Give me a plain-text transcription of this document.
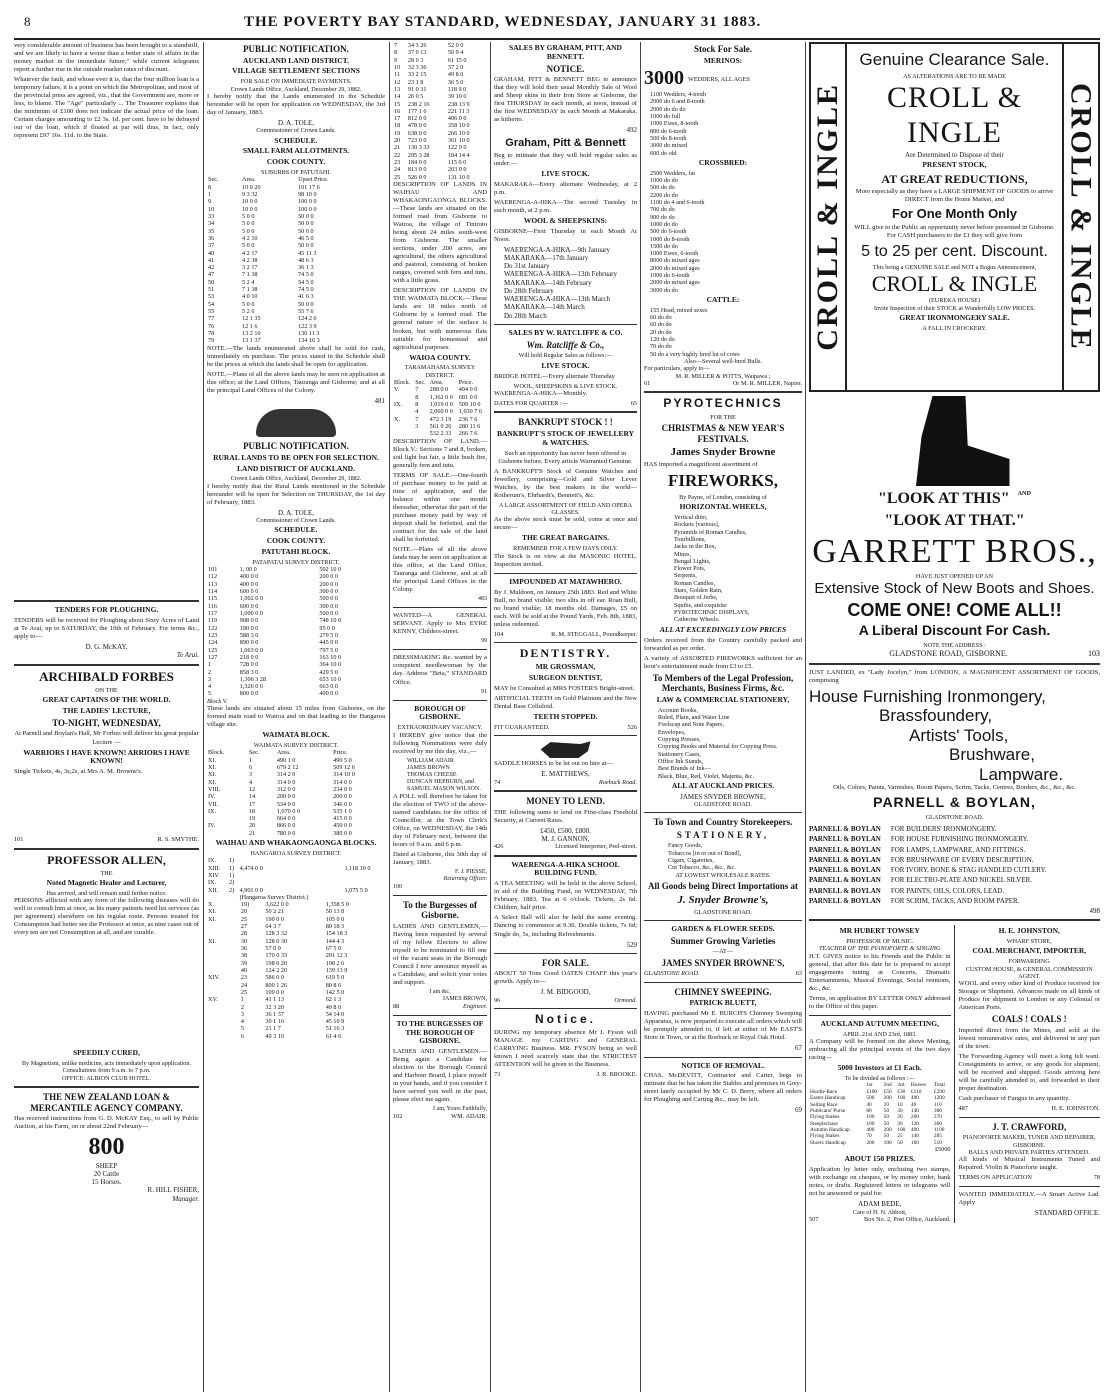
8	THE POVERTY BAY STANDARD, WEDNESDAY, JANUARY 31 1883.
very considerable amount of business has been brought to a standstill, and we are likely to have a worse than a better state of affairs in the money market in the immediate future;" while current telegrams report a further rise in the outside market rates of discount.
Whatever the fault, and whose ever it is, that the four million loan is a temporary failure, it is a point on which the Metropolitan, and most of the provincial press are agreed, viz., that the Government are, more or less, to blame. The "Age" particularly ... The Treasurer explains that the minimum of £100 does not indicate the actual price of the loan. Certain charges amounting to £2 3s. 1d. per cent. have to be defrayed out of the loan, which if floated at par will thus, in fact, only represent £97 16s. 11d. to the State.
TENDERS FOR PLOUGHING.
TENDERS will be received for Ploughing about Sixty Acres of Land at Te Arai, up to SATURDAY, the 10th of February. For terms &c., apply to—
D. G. McKAY,
Te Arai.
ARCHIBALD FORBES
ON THE
GREAT CAPTAINS OF THE WORLD.
THE LADIES' LECTURE,
TO-NIGHT, WEDNESDAY,
At Parnell and Boylan's Hall, Mr Forbes will deliver his great popular Lecture —
WARRIORS I HAVE KNOWN! ARRIORS I HAVE KNOWN!
Single Tickets, 4s, 3s,2s, at Mrs A. M. Browne's.
101	R. S. SMYTHE.
PROFESSOR ALLEN,
THE
Noted Magnetic Healer and Lecturer,
Has arrived, and will remain until further notice.
PERSONS afflicted with any form of the following diseases will do well to consult him at once, as his many patients need his services (as per agreement) elsewhere on his regular route. Persons treated for Consumption had better see the Professor at once, as nine cases out of every ten are not Consumption at all, and are curable.
SPEEDILY CURED,
By Magnetism, unlike medicine, acts immediately upon application.
Consultations from 9 a.m. to 7 p.m.
OFFICE: ALBION CLUB HOTEL.
THE NEW ZEALAND LOAN & MERCANTILE AGENCY COMPANY.
Has received instructions from G. D. McKAY Esq., to sell by Public Auction, at his Farm, on or about 22nd February—
800
SHEEP
20 Cattle
15 Horses.
R. HILL FISHER,
Manager.
PUBLIC NOTIFICATION.
AUCKLAND LAND DISTRICT.
VILLAGE SETTLEMENT SECTIONS
FOR SALE ON IMMEDIATE PAYMENTS.
Crown Lands Office, Auckland, December 29, 1882.
I hereby notify that the Lands enumerated in the Schedule hereunder will be open for application on WEDNESDAY, the 3rd day of January, 1883.
D. A. TOLE,
Commissioner of Crown Lands.
SCHEDULE.
SMALL FARM ALLOTMENTS.
COOK COUNTY.
SUBURBS OF PATUTAHI.
Sec.	Area.	Upset Price.
8	10 0 20	101 17 6
1	9 3 32	98 10 0
9	10 0 0	100 0 0
10	10 0 0	100 0 0
33	5 0 0	50 0 0
34	5 0 0	50 0 0
35	5 0 0	50 0 0
36	4 2 10	46 5 0
37	5 0 0	50 0 0
40	4 2 17	45 11 3
41	4 2 38	48 6 3
42	3 2 17	36 1 3
47	7 1 38	74 5 0
50	5 2 4	54 5 0
51	7 1 38	74 5 0
53	4 0 10	41 6 3
54	5 0 0	50 0 0
55	5 2 6	55 7 6
77	12 1 35	124 2 6
76	12 1 6	122 3 9
78	13 2 10	136 11 3
79	13 1 37	134 16 3
NOTE.—The lands enumerated above shall be sold for cash, immediately on purchase. The prices stated in the Schedule shall be the prices at which the lands shall be open for application.
NOTE.—Plans of all the above lands may be seen on application at this office; at the Land Offices, Tauranga and Gisborne; and at all the principal Land Offices of the Colony.
481
PUBLIC NOTIFICATION.
RURAL LANDS TO BE OPEN FOR SELECTION.
LAND DISTRICT OF AUCKLAND.
Crown Lands Office, Auckland, December 29, 1882.
I hereby notify that the Rural Lands mentioned in the Schedule hereunder will be open for Selection on THURSDAY, the 1st day of February, 1883.
D. A. TOLE,
Commissioner of Crown Lands.
SCHEDULE.
COOK COUNTY.
PATUTAHI BLOCK.
PATAPATAI SURVEY DISTRICT.
101	1, 00 0	502 10 0
112	400 0 0	200 0 0
113	400 0 0	200 0 0
114	600 0 0	300 0 0
115	1,002 0 0	500 0 0
116	600 0 0	300 0 0
117	1,000 0 0	500 0 0
119	908 0 0	748 10 0
122	190 0 0	95 0 0
123	588 3 0	279 5 0
124	890 0 0	445 0 0
125	1,063 0 0	797 5 0
127	218 0 0	163 10 0
1	728 0 0	364 10 0
2	858 3 0	429 5 0
3	1,306 3 28	653 10 0
4	1,326 0 0	663 0 0
5	800 0 0	400 0 0
Block V.
These lands are situated about 15 miles from Gisborne, on the formed main road to Wairoa and on that leading to the Hangaroa village site.
WAIMATA BLOCK.
WAIMATA SURVEY DISTRICT.
Block.	Sec.	Area.	Price.
XI.	1	490 1 0	490 5 0
XI.	6	679 2 12	509 12 6
XI.	3	314 2 0	314 10 0
XI.	4	314 0 0	314 0 0
VIII.	12	312 0 0	234 0 0
IV.	14	200 0 0	200 0 0
VII.	17	534 0 0	346 0 0
IX.	18	1,070 0 0	535 1 0
	19	664 0 0	415 0 0
IV.	20	866 0 0	450 0 0
	21	780 0 0	380 0 0
WAIHAU AND WHAKAONGAONGA BLOCKS.
HANGAROA SURVEY DISTRICT.
IX.	1)		
XIII.	1)	4,474 0 0	1,118 10 0
XIV.	1)		
IX.	2)		
XII.	2)	4,901 0 0	1,075 5 0
		(Hangaroa Survey District.)	
X.	19)	3,622 0 0	1,358 5 0
XI.	20	50 2 21	50 13 8
XI.	25	190 0 0	105 0 0
	27	64 3 7	80 18 3
	28	128 3 32	154 18 3
XI.	30	128 0 30	144 4 3
	36	57 0 9	67 5 0
	38	170 0 33	201 12 3
	39	198 0 20	198 2 6
	40	124 2 20	139 13 9
XIV.	23	586 0 0	619 5 0
	24	800 1 26	80 8 6
	25	109 0 0	142 5 0
XV.	1	41 1 13	62 1 3
	2	32 3 20	49 8 0
	3	36 1 37	54 14 0
	4	30 1 16	45 10 9
	5	21 1 7	51 16 3
	6	40 3 10	61 4 6
7	34 3 26	52 0 0
8	37 0 13	50 9 4
9	28 0 3	61 15 0
10	32 3 36	37 2 0
11	33 2 15	49 8 0
12	23 1 8	36 5 0
13	91 0 31	118 9 0
14	26 0 5	39 10 0
15	238 2 16	238 13 9
16	177 1 6	221 11 3
17	812 0 0	406 0 0
18	478 0 0	358 10 0
19	638 0 0	266 10 0
20	723 0 0	361 10 0
21	130 3 33	122 9 0
22	295 3 28	184 14 4
23	184 0 0	115 0 0
24	813 0 0	203 0 0
25	526 0 0	131 10 0
DESCRIPTION OF LANDS IN WAIHAU AND WHAKAONGAONGA BLOCKS.—These lands are situated on the formed road from Gisborne to Wairoa, the village of Tiniroto being about 24 miles south-west from Gisborne. The smaller sections, under 200 acres, are agricultural, the others agricultural and pastoral, consisting of broken ranges, covered with fern and tutu, with a little grass.
DESCRIPTION OF LANDS IN THE WAIMATA BLOCK.—These lands are 18 miles north of Gisborne by a formed road. The general nature of the surface is broken, but with numerous flats suitable for homestead and agricultural purposes.
WAIOA COUNTY.
TARAMAHAMA SURVEY DISTRICT.
Block.	Sec.	Area.	Price.
V.	7	288 0 0	494 0 0
	8	1,362 0 0	681 0 0
IX.	8	1,019 0 0	509 10 0
	4	2,060 0 0	1,030 7 6
X.	7	472 3 19	236 7 6
	3	561 0 26	280 11 6
		532 2 33	266 7 6
DESCRIPTION OF LAND.—Block V.: Sections 7 and 8, broken, soil light but fair, a little bush fire, generally fern and tutu.
TERMS OF SALE.—One-fourth of purchase money to be paid at time of application, and the balance within one month thereafter, otherwise the part of the purchase money paid by way of deposit shall be forfeited, and the contract for the sale of the land shall be forfeited.
NOTE.—Plans of all the above lands may be seen on application at this office, at the Land Office, Tauranga and Gisborne, and at all the principal Land Offices in the Colony.
483
WANTED—A GENERAL SERVANT. Apply to Mrs EYRE KENNY, Childers-street.
99
DRESSMAKING &c. wanted by a competent needlewoman by the day. Address "Beta," STANDARD Office.
91
BOROUGH OF GISBORNE.
EXTRAORDINARY VACANCY.
I HEREBY give notice that the following Nominations were duly received by me this day, viz.,—
WILLIAM ADAIR
JAMES BROWN
THOMAS CHEESE
DUNCAN HEPBURN, and
SAMUEL MASON WILSON.
A POLL will therefore be taken for the election of TWO of the above-named candidates for the office of Councillor, at the Town Clerk's Office, on WEDNESDAY, the 14th day of February next, between the hours of 9 a.m. and 6 p.m.
Dated at Gisborne, this 30th day of January, 1883.
F. J. PIESSE,
Returning Officer.
100
To the Burgesses of Gisborne.
LADIES AND GENTLEMEN,—Having been requested by several of my fellow Electors to allow myself to be nominated to fill one of the vacant seats in the Borough Council I now announce myself as a Candidate, and solicit your votes and support.
I am &c,
JAMES BROWN,
88	Engineer.
TO THE BURGESSES OF THE BOROUGH OF GISBORNE.
LADIES AND GENTLEMEN.—Being again a Candidate for election to the Borough Council and Harbour Board, I place myself in your hands, and if you consider I have served you well in the past, please elect me again.
I am, Yours Faithfully,
102	WM. ADAIR.
SALES BY GRAHAM, PITT, AND BENNETT.
NOTICE.
GRAHAM, PITT & BENNETT BEG to announce that they will hold their usual Monthly Sale of Wool and Sheep skins in their Iron Store at Gisborne, the first THURSDAY in each month, at noon, instead of the first WEDNESDAY in each Month at Makaraka, as hitherto.
492
Graham, Pitt & Bennett
Beg to intimate that they will hold regular sales as under:—
LIVE STOCK.
MAKARAKA—Every alternate Wednesday, at 2 p.m.
WAERENGA-A-HIKA—The second Tuesday in each month, at 2 p.m.
WOOL & SHEEPSKINS:
GISBORNE—First Thursday in each Month At Noon.
WAERENGA-A-HIKA—9th January
MAKARAKA—17th January
Do 31st January
WAERENGA-A-HIKA—13th February
MAKARAKA—14th February
Do 28th February
WAERENGA-A-HIKA—13th March
MAKARAKA—14th March
Do 28th March
SALES BY W. RATCLIFFE & CO.
Wm. Ratcliffe & Co.,
Will hold Regular Sales as follows:—
LIVE STOCK.
BRIDGE HOTEL—Every alternate Thursday
WOOL, SHEEPSKINS & LIVE STOCK.
WAERENGA-A-HIKA—Monthly.
DATES FOR QUARTER :—	65
BANKRUPT STOCK ! !
BANKRUPT'S STOCK OF JEWELLERY & WATCHES.
Such an opportunity has never been offered in Gisborne before. Every article Warranted Genuine.
A BANKRUPT'S Stock of Genuine Watches and Jewellery, comprising—Gold and Silver Lever Watches, by the best makers in the world—Rotherum's, Ehrhardt's, Bennett's, &c.
A LARGE ASSORTMENT OF FIELD AND OPERA GLASSES.
As the above stock must be sold, come at once and secure—
THE GREAT BARGAINS.
REMEMBER FOR A FEW DAYS ONLY.
The Stock is on view at the MASONIC HOTEL. Inspection invited.
IMPOUNDED AT MATAWHERO.
By J. Muldoon, on January 25th 1883. Red and White Bull, no brand visible; two slits in off ear. Roan Bull, no brand visible; 18 months old. Damages, £5 on each. Will be sold at the Pound Yards, Feb. 8th, 1883, unless redeemed.
104	R. M. STEGGALL, Poundkeeper.
DENTISTRY.
MR GROSSMAN,
SURGEON DENTIST,
MAY be Consulted at MRS FOSTER'S Bright-street.
ARTIFICIAL TEETH on Gold Platinum and the New Dental Base Celluloid.
TEETH STOPPED.
FIT GUARANTEED.	526
SADDLE HORSES to be let out on hire at—
E. MATTHEWS,
74	Roebuck Road.
MONEY TO LEND.
THE following sums to lend on First-class Freehold Security, at Current Rates.
£450, £500, £800.
M. J. GANNON,
426	Licensed Interpreter, Peel-street.
WAERENGA-A-HIKA SCHOOL BUILDING FUND.
A TEA MEETING will be held in the above School, in aid of the Building Fund, on WEDNESDAY, 7th February, 1883. Tea at 6 o'clock. Tickets, 2s 6d. Children, half price.
A Select Ball will also be held the same evening. Dancing to commence at 9.30. Double tickets, 7s 6d; Single do, 5s, including Refreshments.
529
FOR SALE.
ABOUT 50 Tons Good OATEN CHAFF this year's growth. Apply to—
J. M. BIDGOOD,
96	Ormond.
Notice.
DURING my temporary absence Mr J. Fyson will MANAGE my CARTING and GENERAL CARRYING Business. MR. FYSON being so well known I need scarcely state that the STRICTEST ATTENTION will be given to the Business.
73	J. R. BROOKE.
Stock For Sale.
MERINOS:
3000 WEDDERS, ALL AGES
1100 Wedders, 4-tooth
2000 do 6 and 8-tooth
2000 do do do
1000 do full
1000 Ewes, 8-tooth
800 do 6-tooth
500 do 8-tooth
3000 do mixed
600 do old
CROSSBRED:
2500 Wedders, fat
1000 do do
500 do do
2200 do do
1100 do 4 and 6-tooth
700 do do
900 do do
1000 do do
500 do 6-tooth
1000 do 8-tooth
1500 do do
1000 Ewes, 6-tooth
8000 do mixed ages
2000 do mixed ages
1000 do 6-tooth
2000 do mixed ages
3000 do do
CATTLE:
155 Head, mixed sexes
60 do do
60 do do
20 do do
120 do do
70 do do
50 do a very highly bred lot of cows
Also—Several well-bred Bulls.
For particulars, apply to—
M. R. MILLER & POTTS, Waipawa ;
61	Or M. R. MILLER, Napier.
PYROTECHNICS
FOR THE
CHRISTMAS & NEW YEAR'S FESTIVALS.
James Snyder Browne
HAS imported a magnificent assortment of
FIREWORKS,
By Payne, of London, consisting of
HORIZONTAL WHEELS,
Vertical ditto,
Rockets [various],
Pyramids of Roman Candles,
Tourbillions,
Jacks in the Box,
Mines,
Bengal Lights,
Flower Pots,
Serpents,
Roman Candles,
Stars, Golden Rain,
Bouquet of Jerbs,
Squibs, and exquisite
PYROTECHNIC DISPLAYS,
Catherine Wheels.
ALL AT EXCEEDINGLY LOW PRICES
Orders received from the Country carefully packed and forwarded as per order.
A variety of ASSORTED FIREWORKS sufficient for an hour's entertainment made from £3 to £5.
To Members of the Legal Profession, Merchants, Business Firms, &c.
LAW & COMMERCIAL STATIONERY,
Account Books,
Ruled, Plain, and Water Line
Foolscap and Note Papers,
Envelopes,
Copying Presses,
Copying Books and Material for Copying Press.
Stationery Cases,
Office Ink Stands,
Best Brands of Ink—
Black, Blue, Red, Violet, Majenta, &c.
ALL AT AUCKLAND PRICES.
JAMES SNYDER BROWNE,
GLADSTONE ROAD.
To Town and Country Storekeepers.
STATIONERY,
Fancy Goods,
Tobaccos [in or out of Bond],
Cigars, Cigarettes,
Cut Tobacco, &c., &c., &c.
AT LOWEST WHOLESALE RATES.
All Goods being Direct Importations at
J. Snyder Browne's,
GLADSTONE ROAD.
GARDEN & FLOWER SEEDS.
Summer Growing Varieties
—AT—
JAMES SNYDER BROWNE'S,
GLADSTONE ROAD.	63
CHIMNEY SWEEPING.
PATRICK BLUETT,
HAVING purchased Mr E. BURCH'S Chimney Sweeping Apparatus, is now prepared to execute all orders which will be promptly attended to, if left at either of Mr EAST'S Store in Town, or at the Roebuck or Royal Oak Hotel.
67
NOTICE OF REMOVAL.
CHAS. McDEVITT, Contractor and Carter, begs to intimate that he has taken the Stables and premises in Grey-street lately occupied by Mr C. D. Berry, where all orders for Ploughing and Carting &c., may be left.
69
CROLL & INGLE	CROLL & INGLE
Genuine Clearance Sale.
AS ALTERATIONS ARE TO BE MADE
CROLL & INGLE
Are Determined to Dispose of their
PRESENT STOCK,
AT GREAT REDUCTIONS,
More especially as they have a LARGE SHIPMENT OF GOODS to arrive DIRECT from the Home Market, and
For One Month Only
WILL give to the Public an opportunity never before presented in Gisborne. For CASH purchasers to the £1 they will give from
5 to 25 per cent. Discount.
This being a GENUINE SALE and NOT a Bogus Announcement,
CROLL & INGLE
(EUREKA HOUSE)
Invite Inspection of their STOCK at Wonderfully LOW PRICES.
GREAT IRONMONGERY SALE.
A FALL IN CROCKERY.
"LOOK AT THIS" AND
"LOOK AT THAT."
GARRETT BROS.,
HAVE JUST OPENED UP AN
Extensive Stock of New Boots and Shoes.
COME ONE! COME ALL!!
A Liberal Discount For Cash.
NOTE THE ADDRESS :
GLADSTONE ROAD, GISBORNE.	103
JUST LANDED, ex "Lady Jocelyn," from LONDON, A MAGNIFICENT ASSORTMENT OF GOODS, comprising
House Furnishing Ironmongery,
Brassfoundery,
Artists' Tools,
Brushware,
Lampware.
Oils, Colors, Paints, Varnishes, Room Papers, Scrim, Tacks, Centres, Borders, &c., &c., &c.
PARNELL & BOYLAN,
GLADSTONE ROAD.
PARNELL & BOYLAN	FOR BUILDERS' IRONMONGERY.
PARNELL & BOYLAN	FOR HOUSE FURNISHING IRONMONGERY.
PARNELL & BOYLAN	FOR LAMPS, LAMPWARE, AND FITTINGS.
PARNELL & BOYLAN	FOR BRUSHWARE OF EVERY DESCRIPTION.
PARNELL & BOYLAN	FOR IVORY, BONE & STAG HANDLED CUTLERY.
PARNELL & BOYLAN	FOR ELECTRO-PLATE AND NICKEL SILVER.
PARNELL & BOYLAN	FOR PAINTS, OILS, COLORS, LEAD.
PARNELL & BOYLAN	FOR SCRIM, TACKS, AND ROOM PAPER.
498
MR HUBERT TOWSEY
PROFESSOR OF MUSIC.
TEACHER OF THE PIANOFORTE & SINGING
H.T. GIVES notice to his Friends and the Public in general, that after this date he is prepared to accept engagements tuning at Concerts, Dramatic Entertainments, Musical Evenings, Social reunions, &c., &c.
Terms, on application BY LETTER ONLY addressed to the Office of this paper.
AUCKLAND AUTUMN MEETING,
APRIL 21st AND 23rd, 1883.
A Company will be formed on the above Meeting, embracing all the principal events of the two days racing—
5000 Investors at £1 Each.
To be divided as follows :—
	1st	2nd	3rd	Horses	Total
Hurdle Race	£100	£50	£30	£110	£290
Easter Handicap	500	200	100	400	1200
Selling Race	40	20	10	40	110
Publicans' Purse	80	50	30	140	300
Flying Stakes	100	50	20	200	370
Steeplechase	100	50	30	120	300
Autumn Handicap	400	200	100	400	1100
Flying Stakes	70	50	25	140	285
Shorts Handicap	200	100	50	160	510
£5000
ABOUT 150 PRIZES.
Application by letter only, enclosing two stamps, with exchange on cheques, or by money order, bank notes, or drafts. Registered letters or telegrams will not be answered or paid for.
ADAM BEDE,
Care of H. N. Abbott,
507	Box No. 2, Post Office, Auckland.
H. E. JOHNSTON,
WHARF STORE,
COAL MERCHANT, IMPORTER,
FORWARDING
CUSTOM HOUSE, & GENERAL COMMISSION AGENT.
WOOL and every other kind of Produce received for Storage or Shipment. Advances made on all kinds of Produce for shipment to London or any Colonial or American Ports.
COALS ! COALS !
Imported direct from the Mines, and sold at the lowest remunerative rates, and delivered in any part of the town.
The Forwarding Agency will meet a long felt want. Consignments to arrive, or any goods for shipment, will be received and shipped. Goods arriving here will be carefully attended to, and forwarded to their proper destination.
Cash purchaser of Fungus in any quantity.
487	H. E. JOHNSTON.
J. T. CRAWFORD,
PIANOFORTE MAKER, TUNER AND REPAIRER, GISBORNE.
BALLS AND PRIVATE PARTIES ATTENDED.
All kinds of Musical Instruments Tuned and Repaired. Violin & Pianoforte taught.
TERMS ON APPLICATION	78
WANTED IMMEDIATELY.—A Smart Active Lad. Apply
STANDARD OFFICE.
